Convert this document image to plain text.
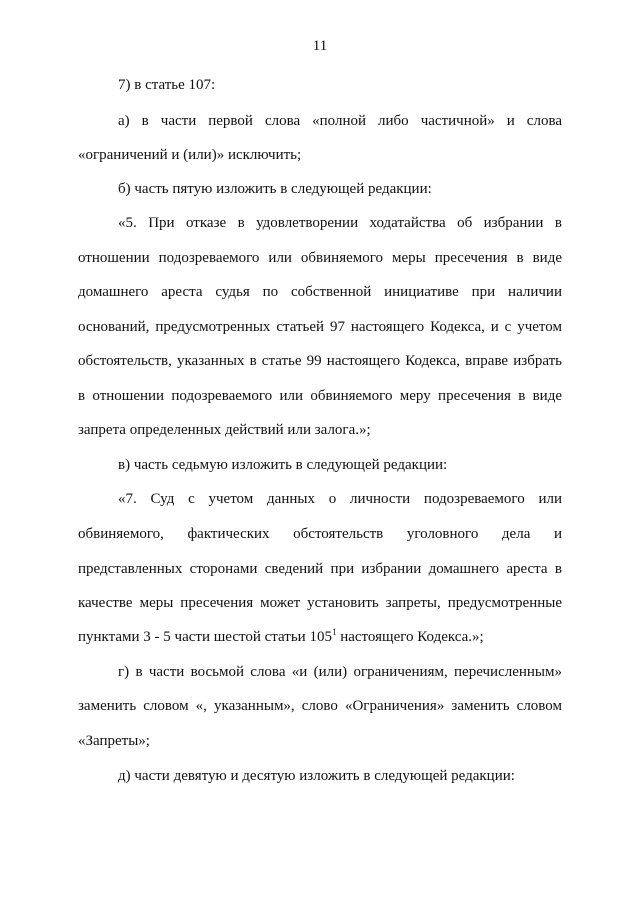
11
7) в статье 107:
а) в части первой слова «полной либо частичной» и слова
«ограничений и (или)» исключить;
б) часть пятую изложить в следующей редакции:
«5. При отказе в удовлетворении ходатайства об избрании в
отношении подозреваемого или обвиняемого меры пресечения в виде
домашнего ареста судья по собственной инициативе при наличии
оснований, предусмотренных статьей 97 настоящего Кодекса, и с учетом
обстоятельств, указанных в статье 99 настоящего Кодекса, вправе избрать
в отношении подозреваемого или обвиняемого меру пресечения в виде
запрета определенных действий или залога.»;
в) часть седьмую изложить в следующей редакции:
«7. Суд с учетом данных о личности подозреваемого или
обвиняемого, фактических обстоятельств уголовного дела и
представленных сторонами сведений при избрании домашнего ареста в
качестве меры пресечения может установить запреты, предусмотренные
пунктами 3 - 5 части шестой статьи $105^1$ настоящего Кодекса.»;
г) в части восьмой слова «и (или) ограничениям, перечисленным»
заменить словом «, указанным», слово «Ограничения» заменить словом
«Запреты»;
д) части девятую и десятую изложить в следующей редакции:
